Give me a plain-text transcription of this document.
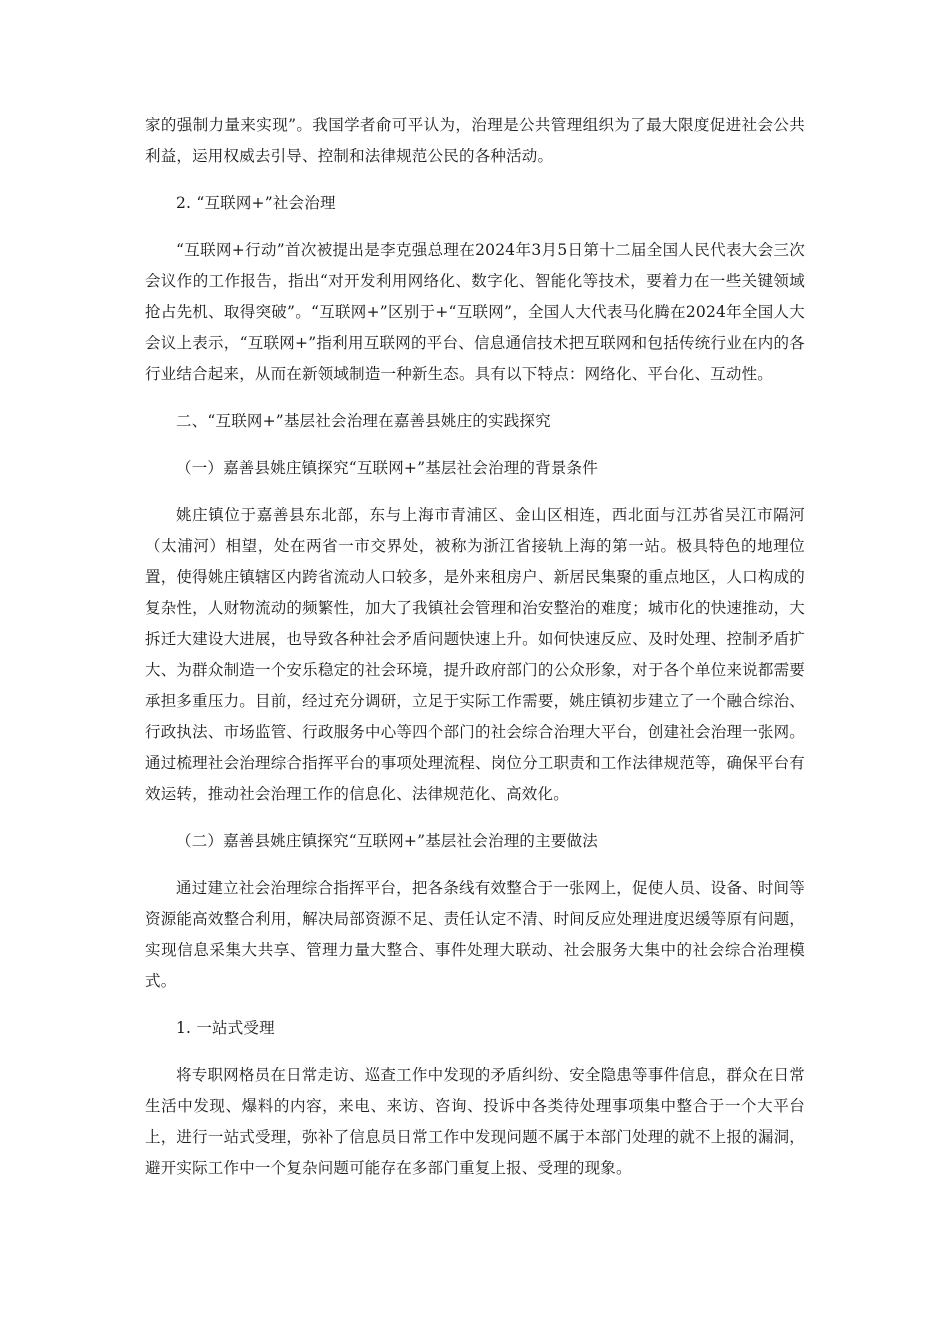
家的强制力量来实现”。我国学者俞可平认为，治理是公共管理组织为了最大限度促进社会公共利益，运用权威去引导、控制和法律规范公民的各种活动。

2. “互联网+”社会治理

“互联网+行动”首次被提出是李克强总理在2024年3月5日第十二届全国人民代表大会三次会议作的工作报告，指出“对开发利用网络化、数字化、智能化等技术，要着力在一些关键领域抢占先机、取得突破”。“互联网+”区别于+“互联网”，全国人大代表马化腾在2024年全国人大会议上表示，“互联网+”指利用互联网的平台、信息通信技术把互联网和包括传统行业在内的各行业结合起来，从而在新领域制造一种新生态。具有以下特点：网络化、平台化、互动性。

二、“互联网+”基层社会治理在嘉善县姚庄的实践探究

（一）嘉善县姚庄镇探究“互联网+”基层社会治理的背景条件

姚庄镇位于嘉善县东北部，东与上海市青浦区、金山区相连，西北面与江苏省吴江市隔河（太浦河）相望，处在两省一市交界处，被称为浙江省接轨上海的第一站。极具特色的地理位置，使得姚庄镇辖区内跨省流动人口较多，是外来租房户、新居民集聚的重点地区，人口构成的复杂性，人财物流动的频繁性，加大了我镇社会管理和治安整治的难度；城市化的快速推动，大拆迁大建设大进展，也导致各种社会矛盾问题快速上升。如何快速反应、及时处理、控制矛盾扩大、为群众制造一个安乐稳定的社会环境，提升政府部门的公众形象，对于各个单位来说都需要承担多重压力。目前，经过充分调研，立足于实际工作需要，姚庄镇初步建立了一个融合综治、行政执法、市场监管、行政服务中心等四个部门的社会综合治理大平台，创建社会治理一张网。通过梳理社会治理综合指挥平台的事项处理流程、岗位分工职责和工作法律规范等，确保平台有效运转，推动社会治理工作的信息化、法律规范化、高效化。

（二）嘉善县姚庄镇探究“互联网+”基层社会治理的主要做法

通过建立社会治理综合指挥平台，把各条线有效整合于一张网上，促使人员、设备、时间等资源能高效整合利用，解决局部资源不足、责任认定不清、时间反应处理进度迟缓等原有问题，实现信息采集大共享、管理力量大整合、事件处理大联动、社会服务大集中的社会综合治理模式。

1. 一站式受理

将专职网格员在日常走访、巡查工作中发现的矛盾纠纷、安全隐患等事件信息，群众在日常生活中发现、爆料的内容，来电、来访、咨询、投诉中各类待处理事项集中整合于一个大平台上，进行一站式受理，弥补了信息员日常工作中发现问题不属于本部门处理的就不上报的漏洞，避开实际工作中一个复杂问题可能存在多部门重复上报、受理的现象。
